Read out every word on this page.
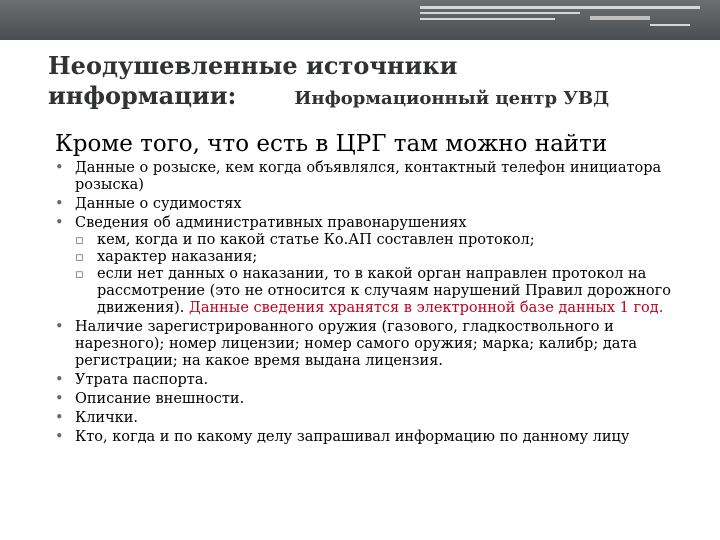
Неодушевленные источники
информации:	Информационный центр УВД
Кроме того, что есть в ЦРГ там можно найти
• Данные о розыске, кем когда объявлялся, контактный телефон инициатора розыска)
• Данные о судимостях
• Сведения об административных правонарушениях
▫ кем, когда и по какой статье Ко.АП составлен протокол;
▫ характер наказания;
▫ если нет данных о наказании, то в какой орган направлен протокол на рассмотрение (это не относится к случаям нарушений Правил дорожного движения). Данные сведения хранятся в электронной базе данных 1 год.
• Наличие зарегистрированного оружия (газового, гладкоствольного и нарезного); номер лицензии; номер самого оружия; марка; калибр; дата регистрации; на какое время выдана лицензия.
• Утрата паспорта.
• Описание внешности.
• Клички.
• Кто, когда и по какому делу запрашивал информацию по данному лицу
